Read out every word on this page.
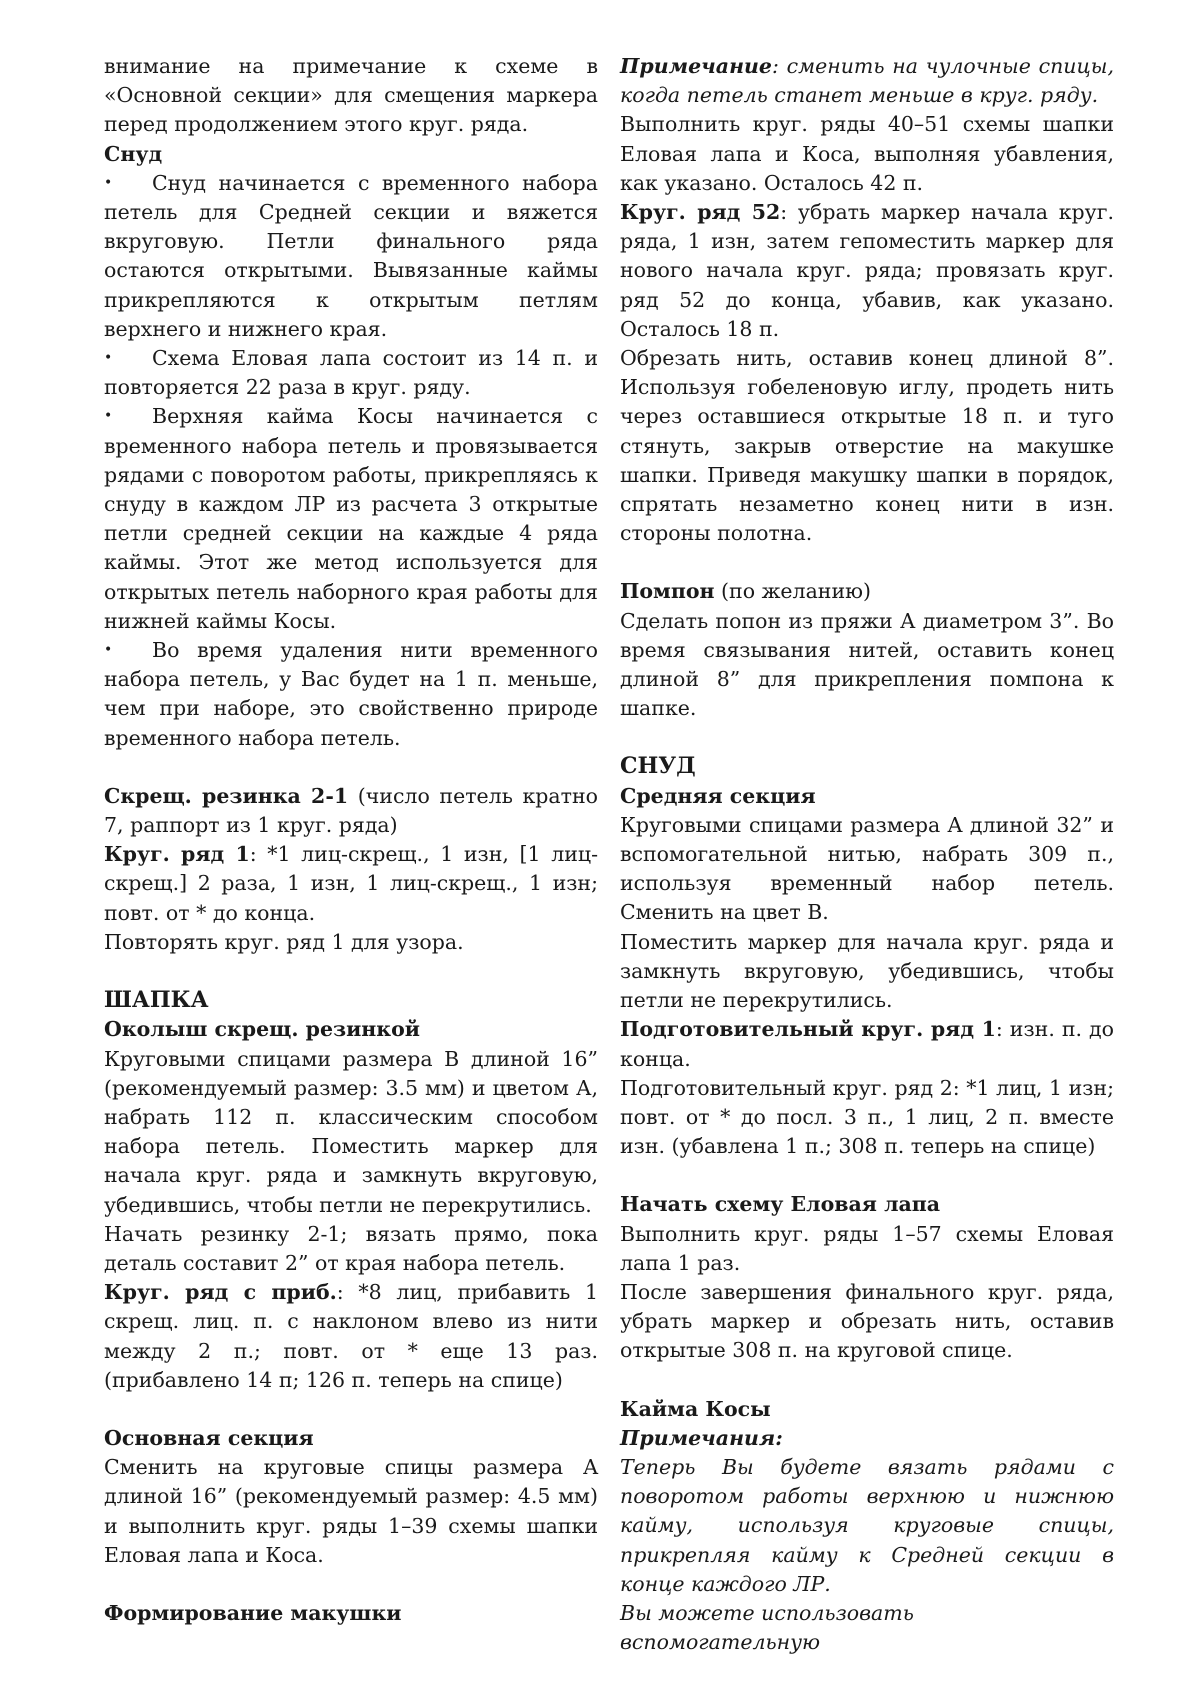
внимание на примечание к схеме в «Основной секции» для смещения маркера перед продолжением этого круг. ряда.

Снуд

• Снуд начинается с временного набора петель для Средней секции и вяжется вкруговую. Петли финального ряда остаются открытыми. Вывязанные каймы прикрепляются к открытым петлям верхнего и нижнего края.

• Схема Еловая лапа состоит из 14 п. и повторяется 22 раза в круг. ряду.

• Верхняя кайма Косы начинается с временного набора петель и провязывается рядами с поворотом работы, прикрепляясь к снуду в каждом ЛР из расчета 3 открытые петли средней секции на каждые 4 ряда каймы. Этот же метод используется для открытых петель наборного края работы для нижней каймы Косы.

• Во время удаления нити временного набора петель, у Вас будет на 1 п. меньше, чем при наборе, это свойственно природе временного набора петель.

Скрещ. резинка 2-1 (число петель кратно 7, раппорт из 1 круг. ряда)

Круг. ряд 1: *1 лиц-скрещ., 1 изн, [1 лиц-скрещ.] 2 раза, 1 изн, 1 лиц-скрещ., 1 изн; повт. от * до конца.

Повторять круг. ряд 1 для узора.

ШАПКА

Околыш скрещ. резинкой

Круговыми спицами размера B длиной 16” (рекомендуемый размер: 3.5 мм) и цветом А, набрать 112 п. классическим способом набора петель. Поместить маркер для начала круг. ряда и замкнуть вкруговую, убедившись, чтобы петли не перекрутились.

Начать резинку 2-1; вязать прямо, пока деталь составит 2” от края набора петель.

Круг. ряд с приб.: *8 лиц, прибавить 1 скрещ. лиц. п. с наклоном влево из нити между 2 п.; повт. от * еще 13 раз. (прибавлено 14 п; 126 п. теперь на спице)

Основная секция

Сменить на круговые спицы размера A длиной 16” (рекомендуемый размер: 4.5 мм) и выполнить круг. ряды 1–39 схемы шапки Еловая лапа и Коса.

Формирование макушки

Примечание: сменить на чулочные спицы, когда петель станет меньше в круг. ряду.

Выполнить круг. ряды 40–51 схемы шапки Еловая лапа и Коса, выполняя убавления, как указано. Осталось 42 п.

Круг. ряд 52: убрать маркер начала круг. ряда, 1 изн, затем гепоместить маркер для нового начала круг. ряда; провязать круг. ряд 52 до конца, убавив, как указано. Осталось 18 п.

Обрезать нить, оставив конец длиной 8”. Используя гобеленовую иглу, продеть нить через оставшиеся открытые 18 п. и туго стянуть, закрыв отверстие на макушке шапки. Приведя макушку шапки в порядок, спрятать незаметно конец нити в изн. стороны полотна.

Помпон (по желанию)

Сделать попон из пряжи А диаметром 3”. Во время связывания нитей, оставить конец длиной 8” для прикрепления помпона к шапке.

СНУД

Средняя секция

Круговыми спицами размера A длиной 32” и вспомогательной нитью, набрать 309 п., используя временный набор петель. Сменить на цвет B.

Поместить маркер для начала круг. ряда и замкнуть вкруговую, убедившись, чтобы петли не перекрутились.

Подготовительный круг. ряд 1: изн. п. до конца.

Подготовительный круг. ряд 2: *1 лиц, 1 изн; повт. от * до посл. 3 п., 1 лиц, 2 п. вместе изн. (убавлена 1 п.; 308 п. теперь на спице)

Начать схему Еловая лапа

Выполнить круг. ряды 1–57 схемы Еловая лапа 1 раз.

После завершения финального круг. ряда, убрать маркер и обрезать нить, оставив открытые 308 п. на круговой спице.

Кайма Косы

Примечания:

Теперь Вы будете вязать рядами с поворотом работы верхнюю и нижнюю кайму, используя круговые спицы, прикрепляя кайму к Средней секции в конце каждого ЛР.

Вы можете использовать вспомогательную
